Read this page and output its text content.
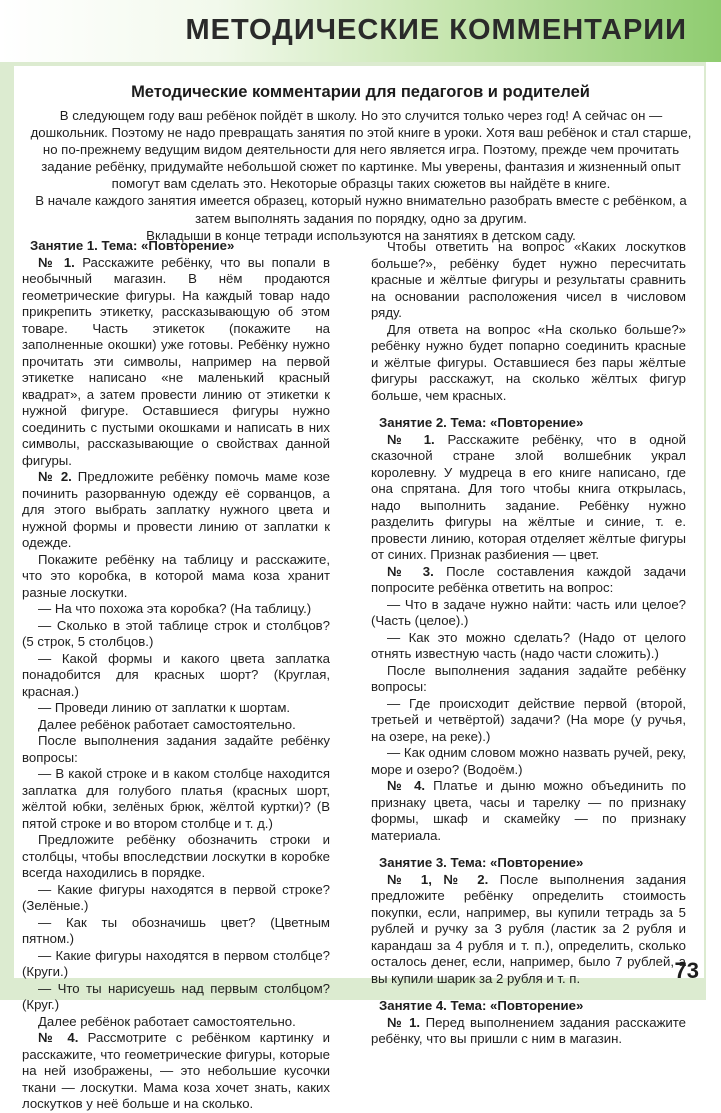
МЕТОДИЧЕСКИЕ КОММЕНТАРИИ
Методические комментарии для педагогов и родителей

В следующем году ваш ребёнок пойдёт в школу. Но это случится только через год! А сейчас он — дошкольник. Поэтому не надо превращать занятия по этой книге в уроки. Хотя ваш ребёнок и стал старше, но по-прежнему ведущим видом деятельности для него является игра. Поэтому, прежде чем прочитать задание ребёнку, придумайте небольшой сюжет по картинке. Мы уверены, фантазия и жизненный опыт помогут вам сделать это. Некоторые образцы таких сюжетов вы найдёте в книге.

В начале каждого занятия имеется образец, который нужно внимательно разобрать вместе с ребёнком, а затем выполнять задания по порядку, одно за другим.

Вкладыши в конце тетради используются на занятиях в детском саду.

Занятие 1. Тема: «Повторение»

№ 1. Расскажите ребёнку, что вы попали в необычный магазин. В нём продаются геометрические фигуры. На каждый товар надо прикрепить этикетку, рассказывающую об этом товаре. Часть этикеток (покажите на заполненные окошки) уже готовы. Ребёнку нужно прочитать эти символы, например на первой этикетке написано «не маленький красный квадрат», а затем провести линию от этикетки к нужной фигуре. Оставшиеся фигуры нужно соединить с пустыми окошками и написать в них символы, рассказывающие о свойствах данной фигуры.

№ 2. Предложите ребёнку помочь маме козе починить разорванную одежду её сорванцов, а для этого выбрать заплатку нужного цвета и нужной формы и провести линию от заплатки к одежде.

Покажите ребёнку на таблицу и расскажите, что это коробка, в которой мама коза хранит разные лоскутки.

— На что похожа эта коробка? (На таблицу.)

— Сколько в этой таблице строк и столбцов? (5 строк, 5 столбцов.)

— Какой формы и какого цвета заплатка понадобится для красных шорт? (Круглая, красная.)

— Проведи линию от заплатки к шортам.

Далее ребёнок работает самостоятельно.

После выполнения задания задайте ребёнку вопросы:

— В какой строке и в каком столбце находится заплатка для голубого платья (красных шорт, жёлтой юбки, зелёных брюк, жёлтой куртки)? (В пятой строке и во втором столбце и т. д.)

Предложите ребёнку обозначить строки и столбцы, чтобы впоследствии лоскутки в коробке всегда находились в порядке.

— Какие фигуры находятся в первой строке? (Зелёные.)

— Как ты обозначишь цвет? (Цветным пятном.)

— Какие фигуры находятся в первом столбце? (Круги.)

— Что ты нарисуешь над первым столбцом? (Круг.)

Далее ребёнок работает самостоятельно.

№ 4. Рассмотрите с ребёнком картинку и расскажите, что геометрические фигуры, которые на ней изображены, — это небольшие кусочки ткани — лоскутки. Мама коза хочет знать, каких лоскутков у неё больше и на сколько.

Чтобы ответить на вопрос «Каких лоскутков больше?», ребёнку будет нужно пересчитать красные и жёлтые фигуры и результаты сравнить на основании расположения чисел в числовом ряду.

Для ответа на вопрос «На сколько больше?» ребёнку нужно будет попарно соединить красные и жёлтые фигуры. Оставшиеся без пары жёлтые фигуры расскажут, на сколько жёлтых фигур больше, чем красных.

Занятие 2. Тема: «Повторение»

№ 1. Расскажите ребёнку, что в одной сказочной стране злой волшебник украл королевну. У мудреца в его книге написано, где она спрятана. Для того чтобы книга открылась, надо выполнить задание. Ребёнку нужно разделить фигуры на жёлтые и синие, т. е. провести линию, которая отделяет жёлтые фигуры от синих. Признак разбиения — цвет.

№ 3. После составления каждой задачи попросите ребёнка ответить на вопрос:

— Что в задаче нужно найти: часть или целое? (Часть (целое).)

— Как это можно сделать? (Надо от целого отнять известную часть (надо части сложить).)

После выполнения задания задайте ребёнку вопросы:

— Где происходит действие первой (второй, третьей и четвёртой) задачи? (На море (у ручья, на озере, на реке).)

— Как одним словом можно назвать ручей, реку, море и озеро? (Водоём.)

№ 4. Платье и дыню можно объединить по признаку цвета, часы и тарелку — по признаку формы, шкаф и скамейку — по признаку материала.

Занятие 3. Тема: «Повторение»

№ 1, № 2. После выполнения задания предложите ребёнку определить стоимость покупки, если, например, вы купили тетрадь за 5 рублей и ручку за 3 рубля (ластик за 2 рубля и карандаш за 4 рубля и т. п.), определить, сколько осталось денег, если, например, было 7 рублей, а вы купили шарик за 2 рубля и т. п.

Занятие 4. Тема: «Повторение»

№ 1. Перед выполнением задания расскажите ребёнку, что вы пришли с ним в магазин.

73
